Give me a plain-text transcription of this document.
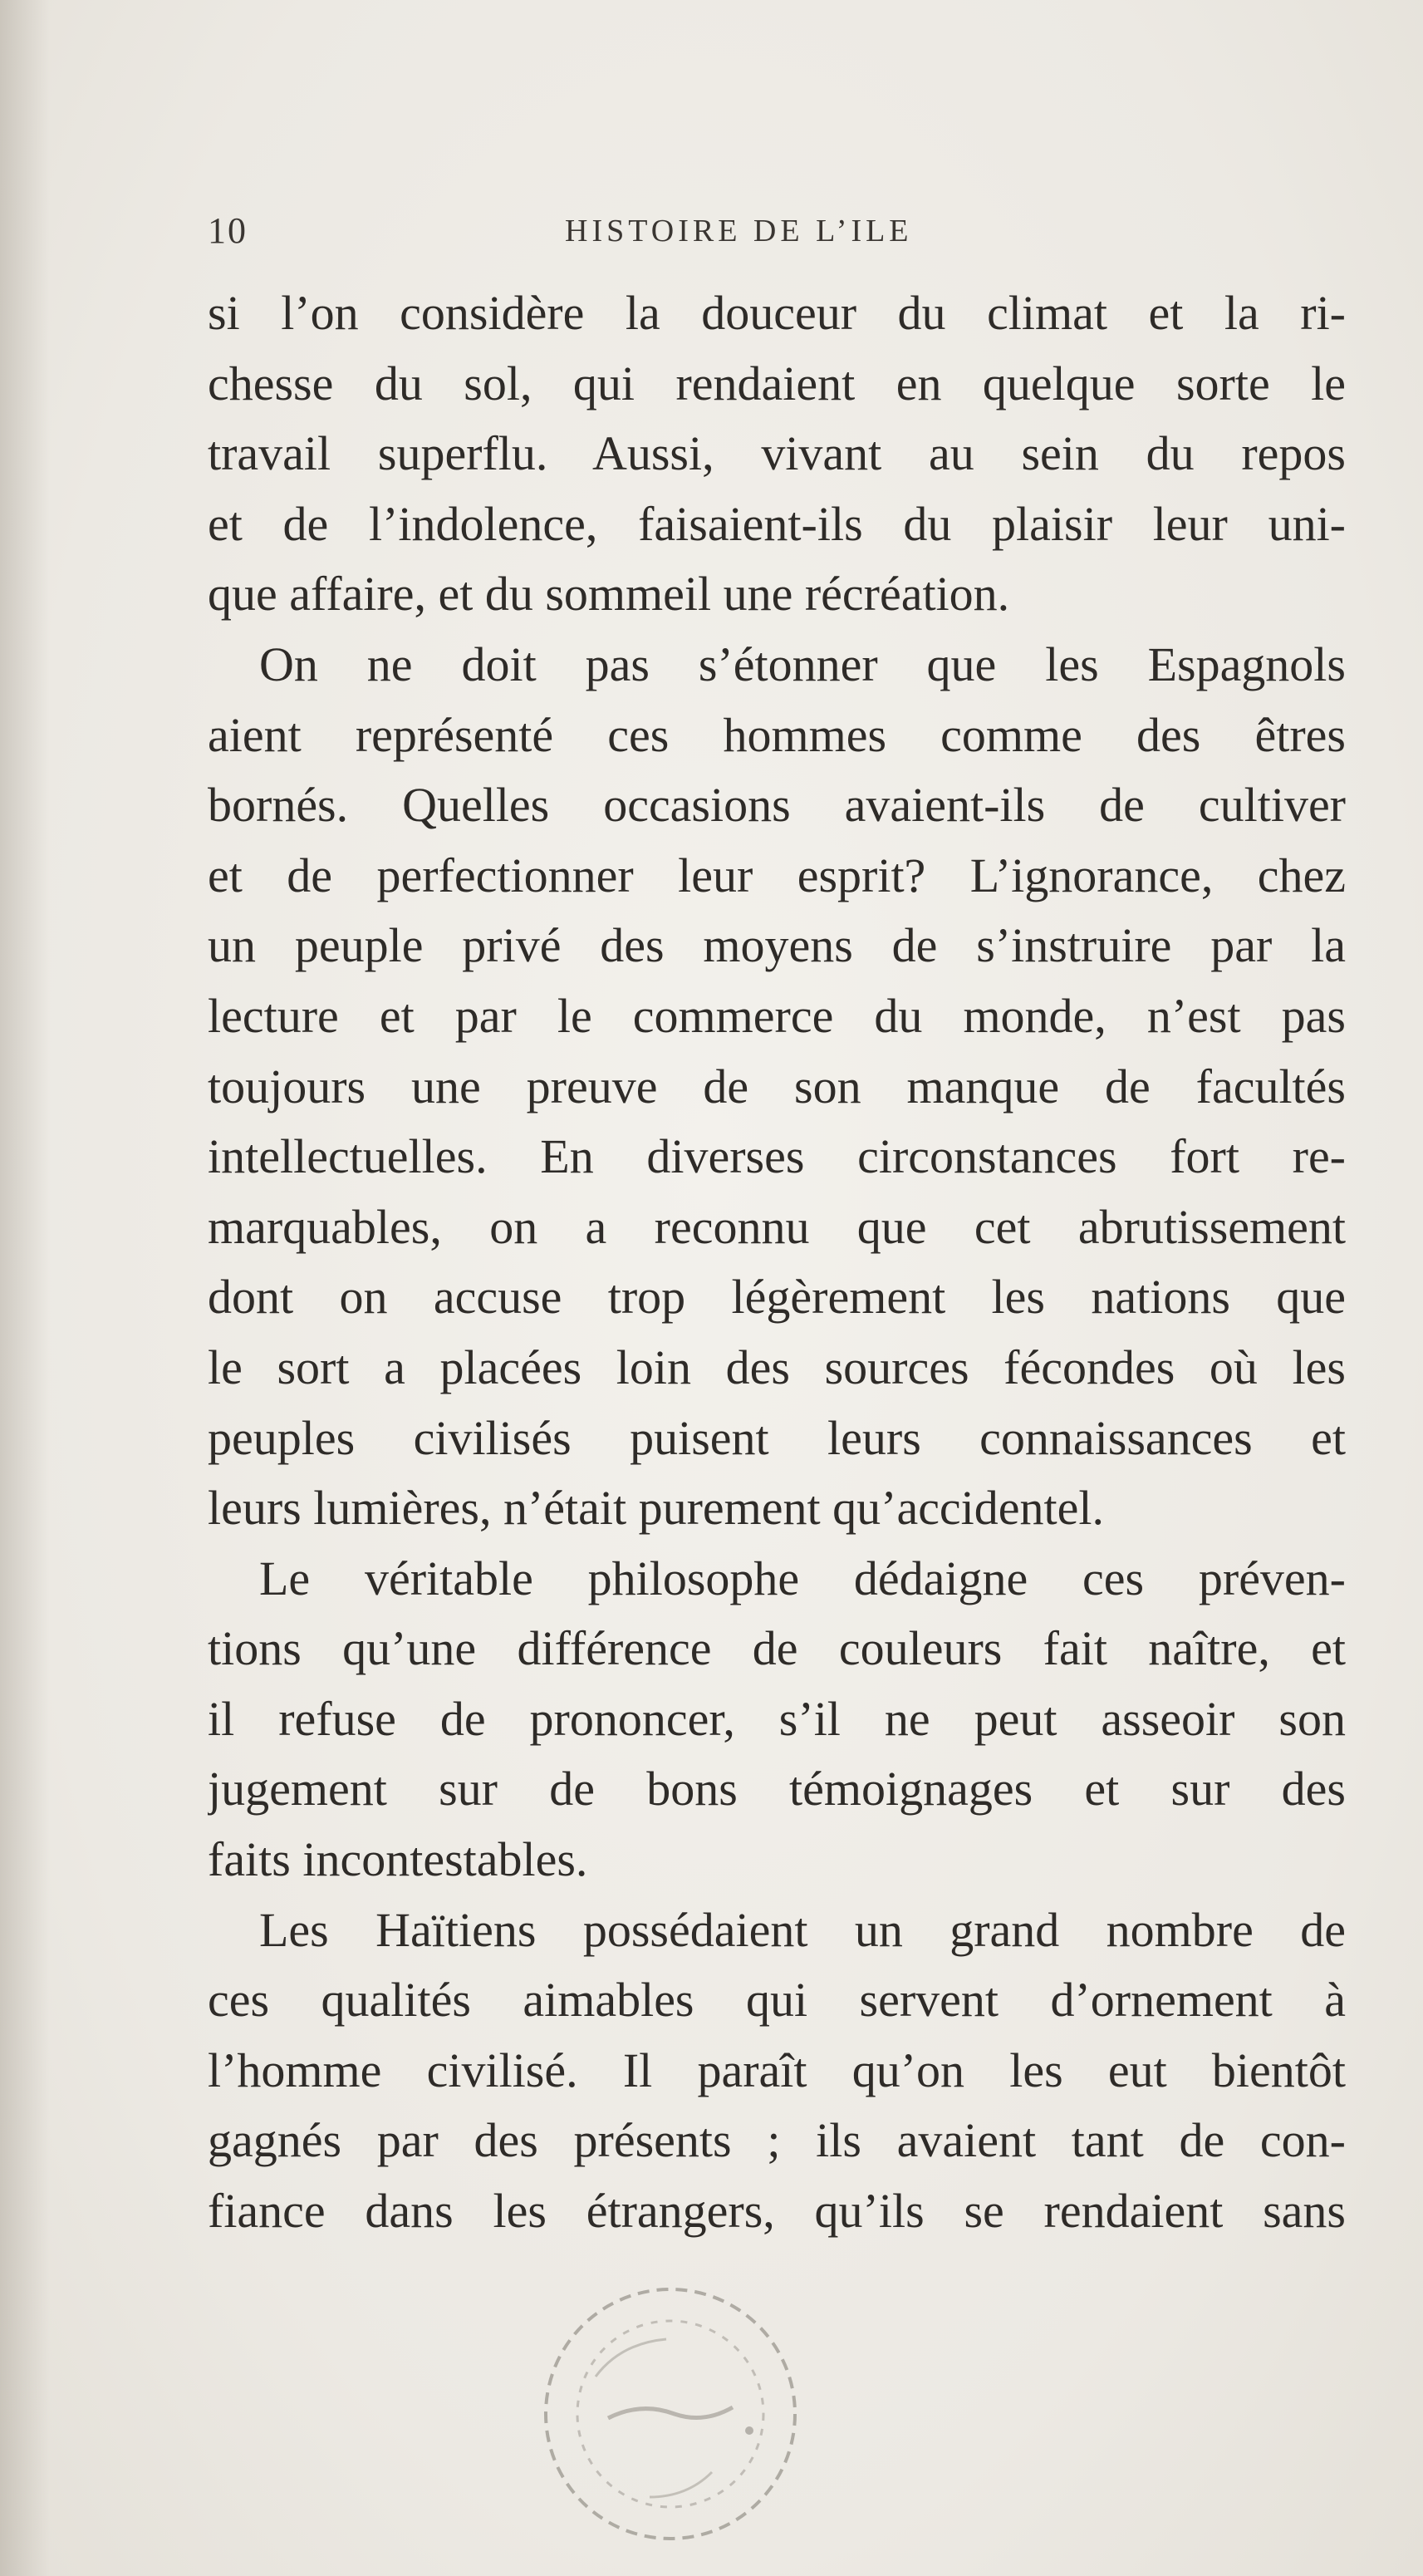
10	HISTOIRE DE L’ILE
si l’on considère la douceur du climat et la ri-
chesse du sol, qui rendaient en quelque sorte le
travail superflu. Aussi, vivant au sein du repos
et de l’indolence, faisaient-ils du plaisir leur uni-
que affaire, et du sommeil une récréation.
On ne doit pas s’étonner que les Espagnols
aient représenté ces hommes comme des êtres
bornés. Quelles occasions avaient-ils de cultiver
et de perfectionner leur esprit? L’ignorance, chez
un peuple privé des moyens de s’instruire par la
lecture et par le commerce du monde, n’est pas
toujours une preuve de son manque de facultés
intellectuelles. En diverses circonstances fort re-
marquables, on a reconnu que cet abrutissement
dont on accuse trop légèrement les nations que
le sort a placées loin des sources fécondes où les
peuples civilisés puisent leurs connaissances et
leurs lumières, n’était purement qu’accidentel.
Le véritable philosophe dédaigne ces préven-
tions qu’une différence de couleurs fait naître, et
il refuse de prononcer, s’il ne peut asseoir son
jugement sur de bons témoignages et sur des
faits incontestables.
Les Haïtiens possédaient un grand nombre de
ces qualités aimables qui servent d’ornement à
l’homme civilisé. Il paraît qu’on les eut bientôt
gagnés par des présents ; ils avaient tant de con-
fiance dans les étrangers, qu’ils se rendaient sans
